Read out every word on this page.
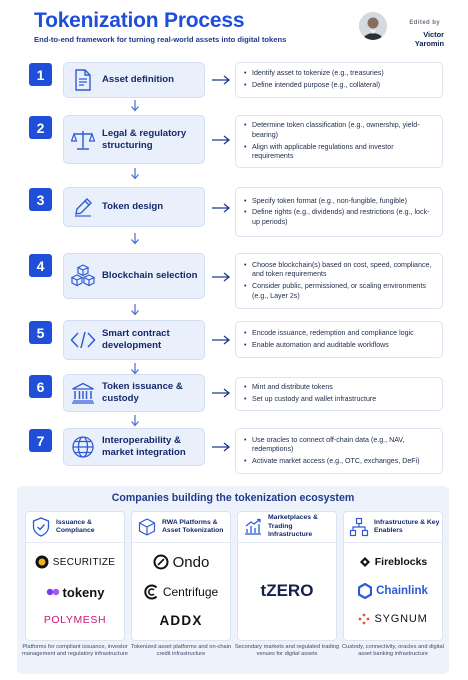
Tokenization Process
End-to-end framework for turning real-world assets into digital tokens
Edited by
Victor Yaromin
1	Asset definition
• Identify asset to tokenize (e.g., treasuries)
• Define intended purpose (e.g., collateral)
2	Legal & regulatory structuring
• Determine token classification (e.g., ownership, yield-bearing)
• Align with applicable regulations and investor requirements
3	Token design
• Specify token format (e.g., non-fungible, fungible)
• Define rights (e.g., dividends) and restrictions (e.g., lock-up periods)
4
Blockchain selection
• Choose blockchain(s) based on cost, speed, compliance, and token requirements
• Consider public, permissioned, or scaling environments (e.g., Layer 2s)
5	Smart contract development
• Encode issuance, redemption and compliance logic
• Enable automation and auditable workflows
6	Token issuance & custody
• Mint and distribute tokens
• Set up custody and wallet infrastructure
7	Interoperability & market integration
• Use oracles to connect off-chain data (e.g., NAV, redemptions)
• Activate market access (e.g., OTC, exchanges, DeFi)
Companies building the tokenization ecosystem
Issuance & Compliance
SECURITIZE
tokeny
POLYMESH
RWA Platforms & Asset Tokenization
Ondo
Centrifuge
ADDX
Marketplaces & Trading Infrastructure
tZERO
Infrastructure & Key Enablers
Fireblocks
Chainlink
SYGNUM
Platforms for compliant issuance, investor management and regulatory infrastructure
Tokenized asset platforms and on-chain credit infrastructure
Secondary markets and regulated trading venues for digital assets
Custody, connectivity, oracles and digital asset banking infrastructure
